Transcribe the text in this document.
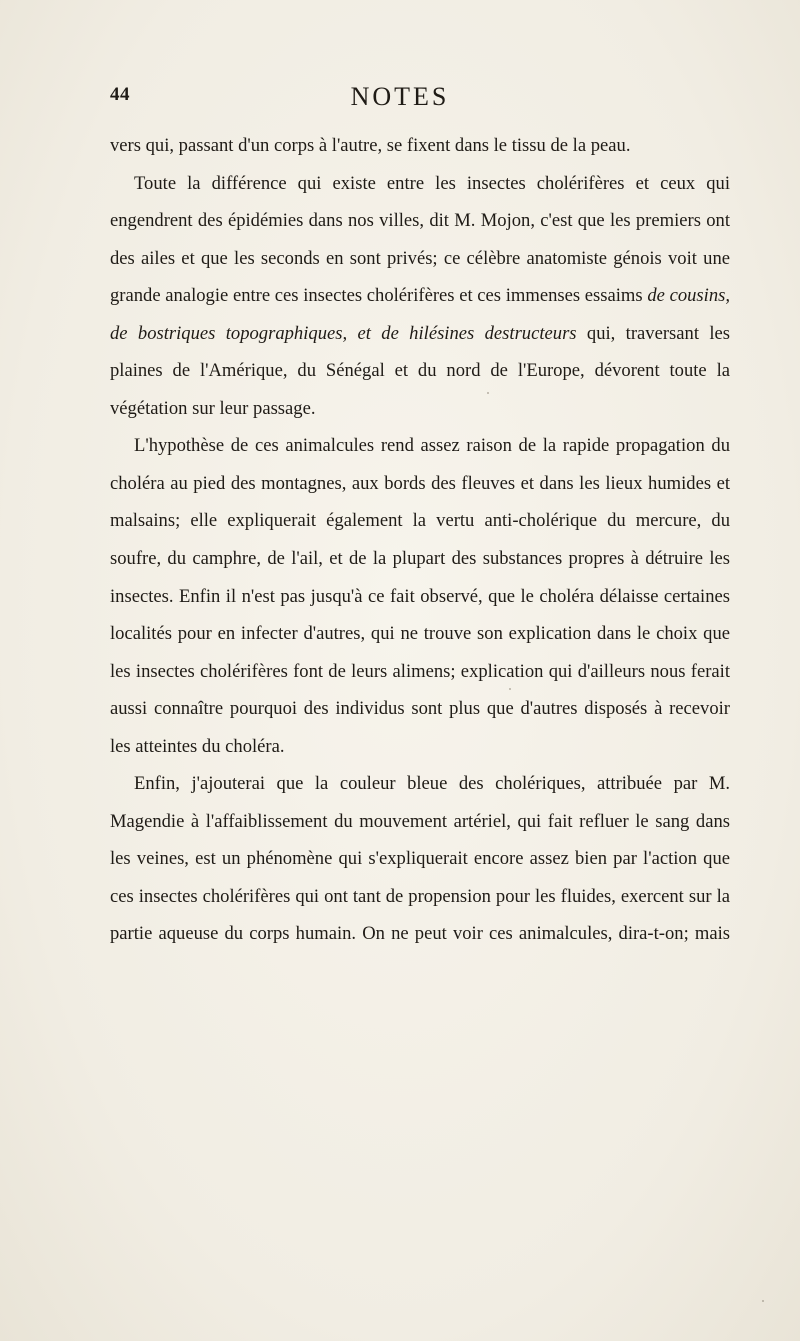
44	NOTES

vers qui, passant d'un corps à l'autre, se fixent dans le tissu de la peau.

Toute la différence qui existe entre les insectes cholérifères et ceux qui engendrent des épidémies dans nos villes, dit M. Mojon, c'est que les premiers ont des ailes et que les seconds en sont privés; ce célèbre anatomiste génois voit une grande analogie entre ces insectes cholérifères et ces immenses essaims de cousins, de bostriques topographiques, et de hilésines destructeurs qui, traversant les plaines de l'Amérique, du Sénégal et du nord de l'Europe, dévorent toute la végétation sur leur passage.

L'hypothèse de ces animalcules rend assez raison de la rapide propagation du choléra au pied des montagnes, aux bords des fleuves et dans les lieux humides et malsains; elle expliquerait également la vertu anti-cholérique du mercure, du soufre, du camphre, de l'ail, et de la plupart des substances propres à détruire les insectes. Enfin il n'est pas jusqu'à ce fait observé, que le choléra délaisse certaines localités pour en infecter d'autres, qui ne trouve son explication dans le choix que les insectes cholérifères font de leurs alimens; explication qui d'ailleurs nous ferait aussi connaître pourquoi des individus sont plus que d'autres disposés à recevoir les atteintes du choléra.

Enfin, j'ajouterai que la couleur bleue des cholériques, attribuée par M. Magendie à l'affaiblissement du mouvement artériel, qui fait refluer le sang dans les veines, est un phénomène qui s'expliquerait encore assez bien par l'action que ces insectes cholérifères qui ont tant de propension pour les fluides, exercent sur la partie aqueuse du corps humain. On ne peut voir ces animalcules, dira-t-on; mais
